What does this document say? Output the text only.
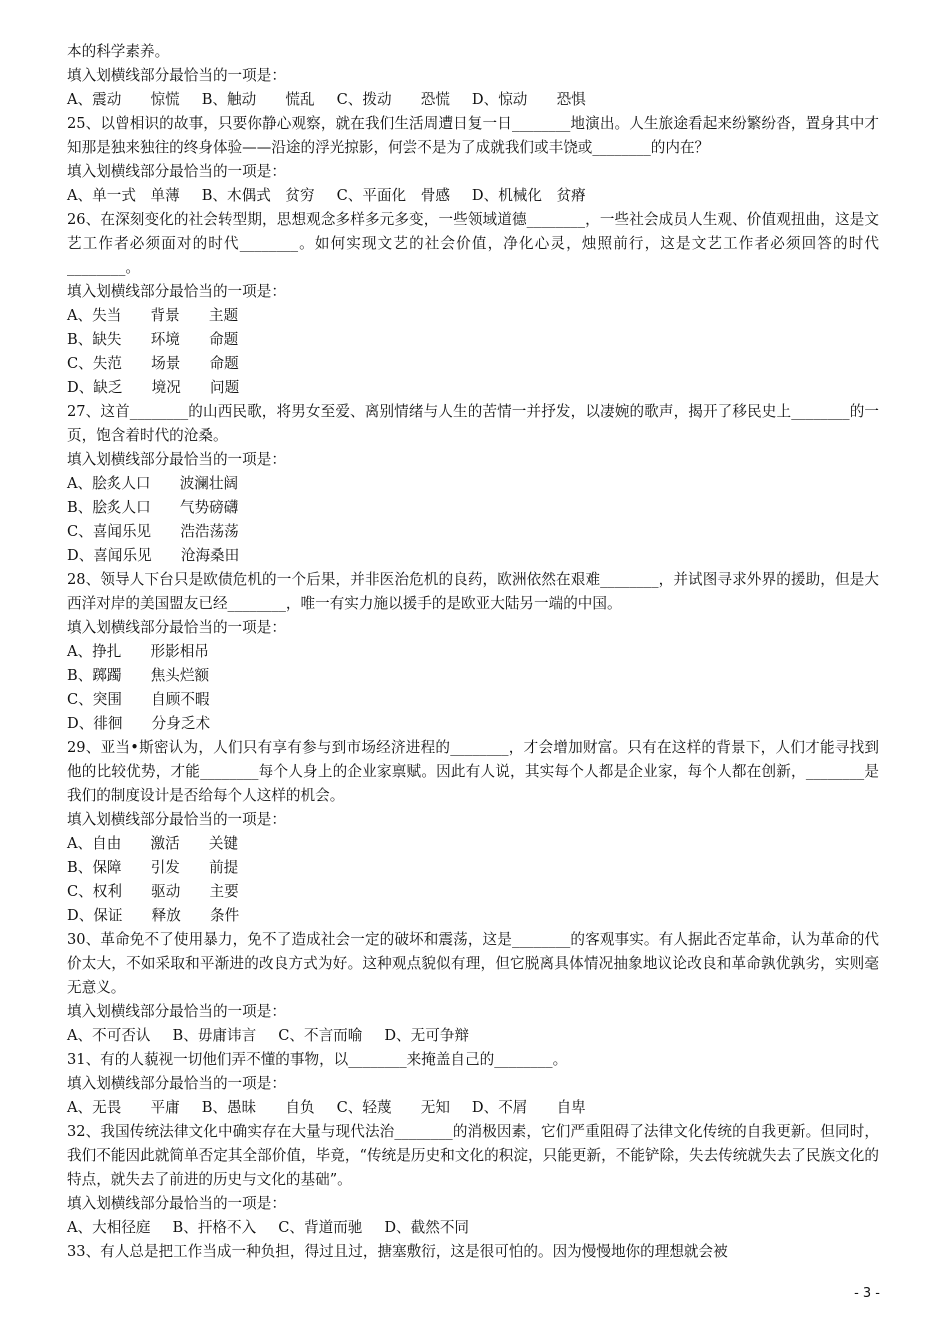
本的科学素养。
填入划横线部分最恰当的一项是：
A、震动　　惊慌 B、触动　　慌乱 C、拨动　　恐慌 D、惊动　　恐惧
25、以曾相识的故事，只要你静心观察，就在我们生活周遭日复一日________地演出。人生旅途看起来纷繁纷沓，置身其中才知那是独来独往的终身体验——沿途的浮光掠影，何尝不是为了成就我们或丰饶或________的内在？
填入划横线部分最恰当的一项是：
A、单一式　单薄 B、木偶式　贫穷 C、平面化　骨感 D、机械化　贫瘠
26、在深刻变化的社会转型期，思想观念多样多元多变，一些领域道德________，一些社会成员人生观、价值观扭曲，这是文艺工作者必须面对的时代________。如何实现文艺的社会价值，净化心灵，烛照前行，这是文艺工作者必须回答的时代________。
填入划横线部分最恰当的一项是：
A、失当　　背景　　主题
B、缺失　　环境　　命题
C、失范　　场景　　命题
D、缺乏　　境况　　问题
27、这首________的山西民歌，将男女至爱、离别情绪与人生的苦情一并抒发，以凄婉的歌声，揭开了移民史上________的一页，饱含着时代的沧桑。
填入划横线部分最恰当的一项是：
A、脍炙人口　　波澜壮阔
B、脍炙人口　　气势磅礴
C、喜闻乐见　　浩浩荡荡
D、喜闻乐见　　沧海桑田
28、领导人下台只是欧债危机的一个后果，并非医治危机的良药，欧洲依然在艰难________，并试图寻求外界的援助，但是大西洋对岸的美国盟友已经________，唯一有实力施以援手的是欧亚大陆另一端的中国。
填入划横线部分最恰当的一项是：
A、挣扎　　形影相吊
B、踯躅　　焦头烂额
C、突围　　自顾不暇
D、徘徊　　分身乏术
29、亚当•斯密认为，人们只有享有参与到市场经济进程的________，才会增加财富。只有在这样的背景下，人们才能寻找到他的比较优势，才能________每个人身上的企业家禀赋。因此有人说，其实每个人都是企业家，每个人都在创新，________是我们的制度设计是否给每个人这样的机会。
填入划横线部分最恰当的一项是：
A、自由　　激活　　关键
B、保障　　引发　　前提
C、权利　　驱动　　主要
D、保证　　释放　　条件
30、革命免不了使用暴力，免不了造成社会一定的破坏和震荡，这是________的客观事实。有人据此否定革命，认为革命的代价太大，不如采取和平渐进的改良方式为好。这种观点貌似有理，但它脱离具体情况抽象地议论改良和革命孰优孰劣，实则毫无意义。
填入划横线部分最恰当的一项是：
A、不可否认 B、毋庸讳言 C、不言而喻 D、无可争辩
31、有的人藐视一切他们弄不懂的事物，以________来掩盖自己的________。
填入划横线部分最恰当的一项是：
A、无畏　　平庸 B、愚昧　　自负 C、轻蔑　　无知 D、不屑　　自卑
32、我国传统法律文化中确实存在大量与现代法治________的消极因素，它们严重阻碍了法律文化传统的自我更新。但同时，我们不能因此就简单否定其全部价值，毕竟，“传统是历史和文化的积淀，只能更新，不能铲除，失去传统就失去了民族文化的特点，就失去了前进的历史与文化的基础”。
填入划横线部分最恰当的一项是：
A、大相径庭 B、扞格不入 C、背道而驰 D、截然不同
33、有人总是把工作当成一种负担，得过且过，搪塞敷衍，这是很可怕的。因为慢慢地你的理想就会被
- 3 -
